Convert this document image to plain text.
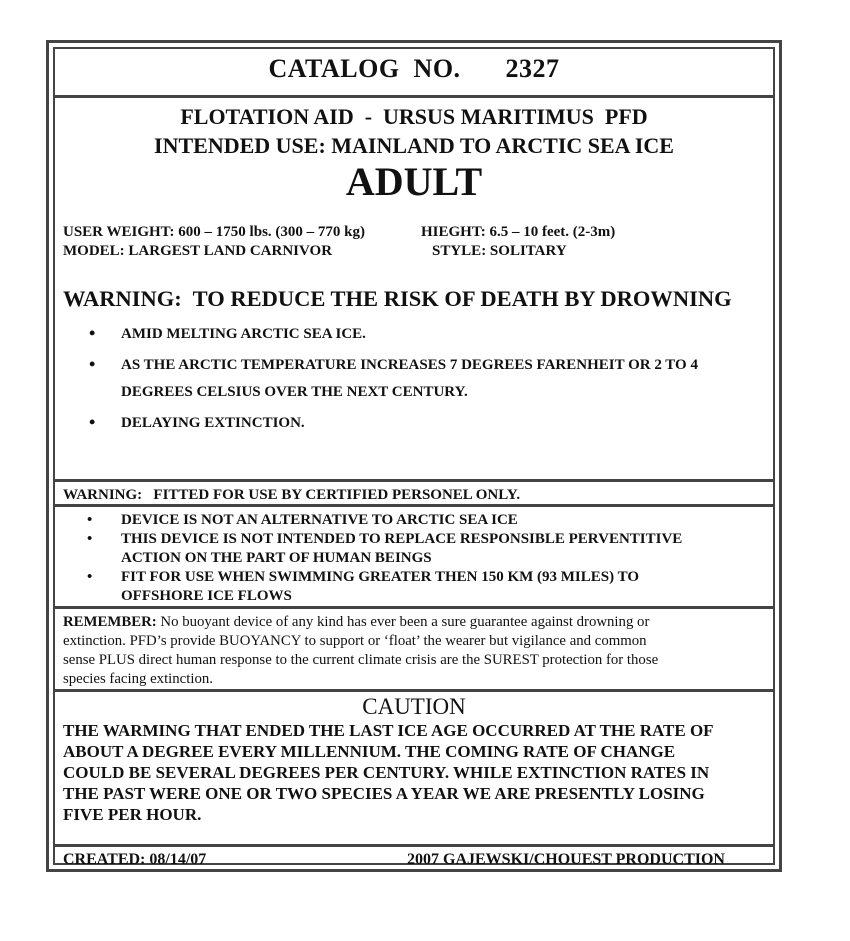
CATALOG  NO. 2327
FLOTATION AID  -  URSUS MARITIMUS  PFD
INTENDED USE: MAINLAND TO ARCTIC SEA ICE
ADULT
USER WEIGHT: 600 – 1750 lbs. (300 – 770 kg)	HIEGHT: 6.5 – 10 feet. (2-3m)
MODEL: LARGEST LAND CARNIVOR	STYLE: SOLITARY
WARNING:  TO REDUCE THE RISK OF DEATH BY DROWNING
• AMID MELTING ARCTIC SEA ICE.
• AS THE ARCTIC TEMPERATURE INCREASES 7 DEGREES FARENHEIT OR 2 TO 4
DEGREES CELSIUS OVER THE NEXT CENTURY.
• DELAYING EXTINCTION.
WARNING:   FITTED FOR USE BY CERTIFIED PERSONEL ONLY.
• DEVICE IS NOT AN ALTERNATIVE TO ARCTIC SEA ICE
• THIS DEVICE IS NOT INTENDED TO REPLACE RESPONSIBLE PERVENTITIVE
ACTION ON THE PART OF HUMAN BEINGS
• FIT FOR USE WHEN SWIMMING GREATER THEN 150 KM (93 MILES) TO
OFFSHORE ICE FLOWS
REMEMBER: No buoyant device of any kind has ever been a sure guarantee against drowning or
extinction. PFD’s provide BUOYANCY to support or ‘float’ the wearer but vigilance and common
sense PLUS direct human response to the current climate crisis are the SUREST protection for those
species facing extinction.
CAUTION
THE WARMING THAT ENDED THE LAST ICE AGE OCCURRED AT THE RATE OF
ABOUT A DEGREE EVERY MILLENNIUM. THE COMING RATE OF CHANGE
COULD BE SEVERAL DEGREES PER CENTURY. WHILE EXTINCTION RATES IN
THE PAST WERE ONE OR TWO SPECIES A YEAR WE ARE PRESENTLY LOSING
FIVE PER HOUR.
CREATED: 08/14/07	2007 GAJEWSKI/CHOUEST PRODUCTION
